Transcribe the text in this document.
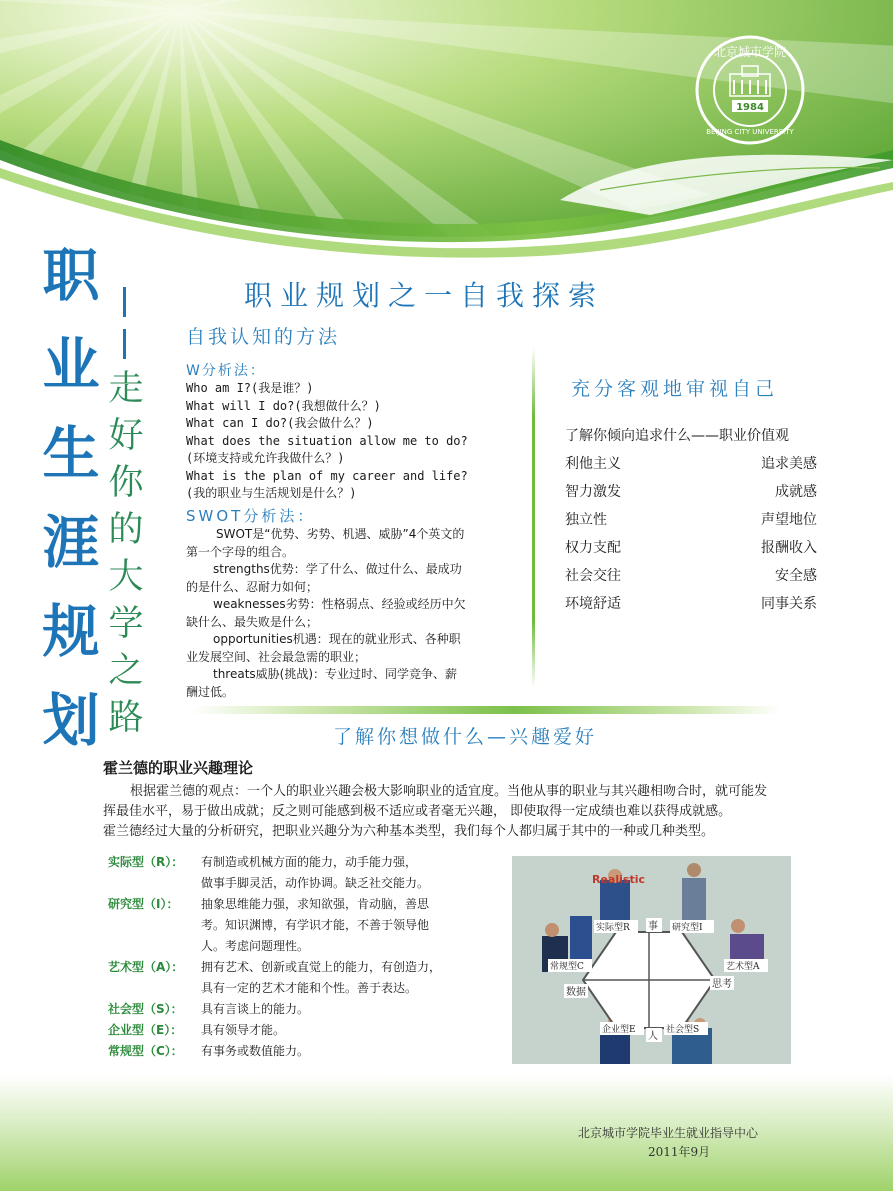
北京城市学院
BEIJING CITY UNIVERSITY
1984
职
业
生
涯
规
划
走
好
你
的
大
学
之
路
职业规划之一自我探索
自我认知的方法
W分析法：
Who am I?(我是谁？)
What will I do?(我想做什么？)
What can I do?(我会做什么？)
What does the situation allow me to do?
(环境支持或允许我做什么？)
What is the plan of my career and life?
(我的职业与生活规划是什么？)
SWOT分析法：
SWOT是“优势、劣势、机遇、威胁”4个英文的
第一个字母的组合。
strengths优势：学了什么、做过什么、最成功
的是什么、忍耐力如何；
weaknesses劣势：性格弱点、经验或经历中欠
缺什么、最失败是什么；
opportunities机遇：现在的就业形式、各种职
业发展空间、社会最急需的职业；
threats威胁(挑战)：专业过时、同学竞争、薪
酬过低。
充分客观地审视自己
了解你倾向追求什么——职业价值观
利他主义	追求美感
智力激发	成就感
独立性	声望地位
权力支配	报酬收入
社会交往	安全感
环境舒适	同事关系
了解你想做什么—兴趣爱好
霍兰德的职业兴趣理论
根据霍兰德的观点：一个人的职业兴趣会极大影响职业的适宜度。当他从事的职业与其兴趣相吻合时，就可能发
挥最佳水平，易于做出成就；反之则可能感到极不适应或者毫无兴趣， 即使取得一定成绩也难以获得成就感。
霍兰德经过大量的分析研究，把职业兴趣分为六种基本类型，我们每个人都归属于其中的一种或几种类型。
实际型（R）： 有制造或机械方面的能力，动手能力强，
做事手脚灵活，动作协调。缺乏社交能力。
研究型（I）： 抽象思维能力强，求知欲强，肯动脑，善思
考。知识渊博，有学识才能，不善于领导他
人。考虑问题理性。
艺术型（A）： 拥有艺术、创新或直觉上的能力，有创造力，
具有一定的艺术才能和个性。善于表达。
社会型（S）： 具有言谈上的能力。
企业型（E）： 具有领导才能。
常规型（C）： 有事务或数值能力。
Realistic
实际型R	研究型I
艺术型A
常规型C
企业型E	社会型S
事
人
数据
思考
北京城市学院毕业生就业指导中心
2011年9月
